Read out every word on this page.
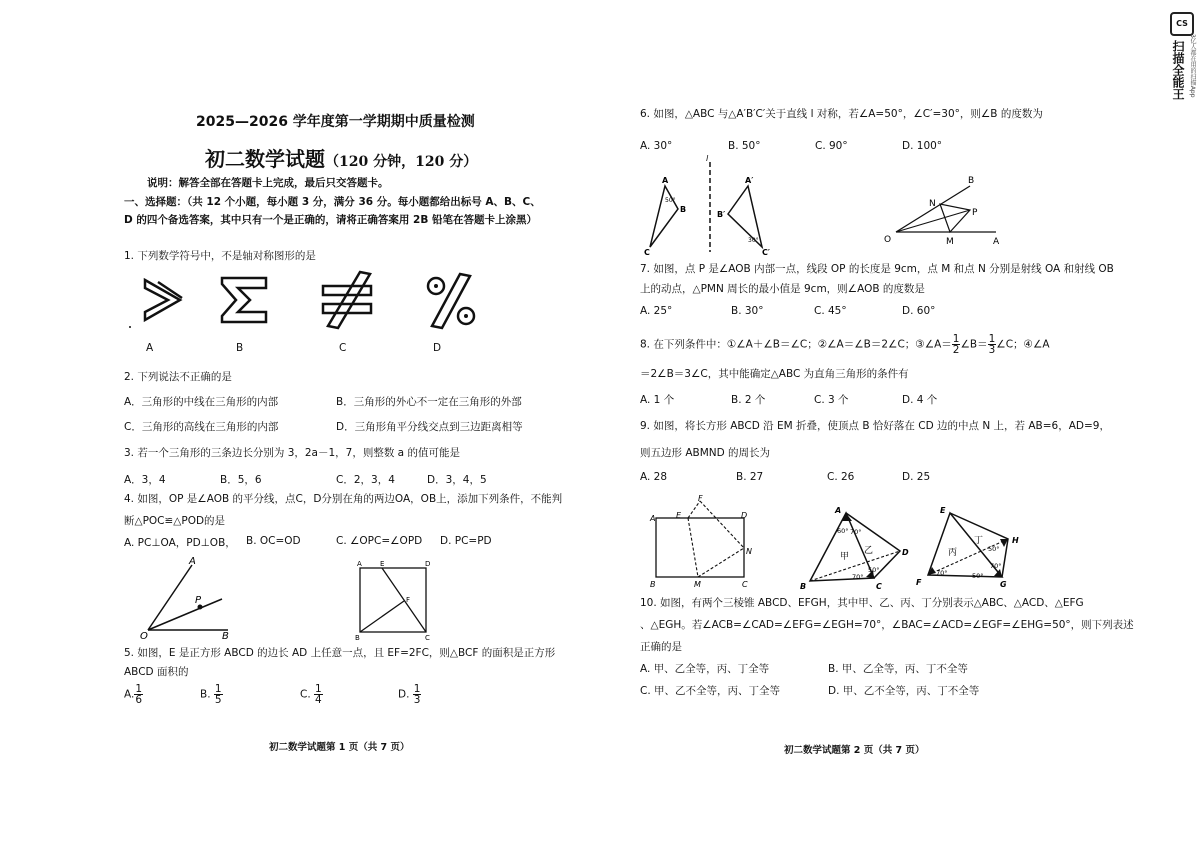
2025—2026 学年度第一学期期中质量检测
初二数学试题（120 分钟，120 分）
说明：解答全部在答题卡上完成，最后只交答题卡。
一、选择题：（共 12 个小题，每小题 3 分，满分 36 分。每小题都给出标号 A、B、C、
D 的四个备选答案，其中只有一个是正确的，请将正确答案用 2B 铅笔在答题卡上涂黑）
1. 下列数学符号中，不是轴对称图形的是
A	B	C	D
2. 下列说法不正确的是
A．三角形的中线在三角形的内部	B．三角形的外心不一定在三角形的外部
C．三角形的高线在三角形的内部	D．三角形角平分线交点到三边距离相等
3. 若一个三角形的三条边长分别为 3，2a－1，7，则整数 a 的值可能是
A．3，4	B．5，6	C．2，3，4	D．3，4，5
4. 如图，OP 是∠AOB 的平分线，点C，D分别在角的两边OA，OB上，添加下列条件，不能判
断△POC≌△POD的是
A. PC⊥OA，PD⊥OB， B. OC=OD	C. ∠OPC=∠OPD D. PC=PD
A
P
O	B
A	E	D
F
B	C
5. 如图，E 是正方形 ABCD 的边长 AD 上任意一点，且 EF=2FC，则△BCF 的面积是正方形
ABCD 面积的
A. $\frac{1}{6}$	B. $\frac{1}{5}$	C. $\frac{1}{4}$	D. $\frac{1}{3}$
初二数学试题第 1 页（共 7 页）
6. 如图，△ABC 与△A′B′C′关于直线 l 对称，若∠A=50°，∠C′=30°，则∠B 的度数为
A. 30°	B. 50°	C. 90°	D. 100°
A
B
C
50°
l
A′
B′
C′
30°
B
N
P
O	M	A
7. 如图，点 P 是∠AOB 内部一点，线段 OP 的长度是 9cm，点 M 和点 N 分别是射线 OA 和射线 OB
上的动点，△PMN 周长的最小值是 9cm，则∠AOB 的度数是
A. 25°	B. 30°	C. 45°	D. 60°
8. 在下列条件中：①∠A＋∠B＝∠C；②∠A＝∠B＝2∠C；③∠A＝ $\frac{1}{2}$ ∠B＝ $\frac{1}{3}$ ∠C；④∠A
＝2∠B＝3∠C，其中能确定△ABC 为直角三角形的条件有
A. 1 个	B. 2 个	C. 3 个	D. 4 个
9. 如图，将长方形 ABCD 沿 EM 折叠，使顶点 B 恰好落在 CD 边的中点 N 上，若 AB=6，AD=9，
则五边形 ABMND 的周长为
A. 28	B. 27	C. 26	D. 25
A	E
F
D
N
B	M	C
A
60° 70°
甲
乙	D
B
70°
50°
C
E
H
丙
丁
50°
F
70°	50°
70°
G
10. 如图，有两个三棱锥 ABCD、EFGH，其中甲、乙、丙、丁分别表示△ABC、△ACD、△EFG
、△EGH。若∠ACB=∠CAD=∠EFG=∠EGH=70°，∠BAC=∠ACD=∠EGF=∠EHG=50°，则下列表述
正确的是
A. 甲、乙全等，丙、丁全等	B. 甲、乙全等，丙、丁不全等
C. 甲、乙不全等，丙、丁全等	D. 甲、乙不全等，丙、丁不全等
初二数学试题第 2 页（共 7 页）
CS
扫描全能王 3亿人都在用的扫描App
